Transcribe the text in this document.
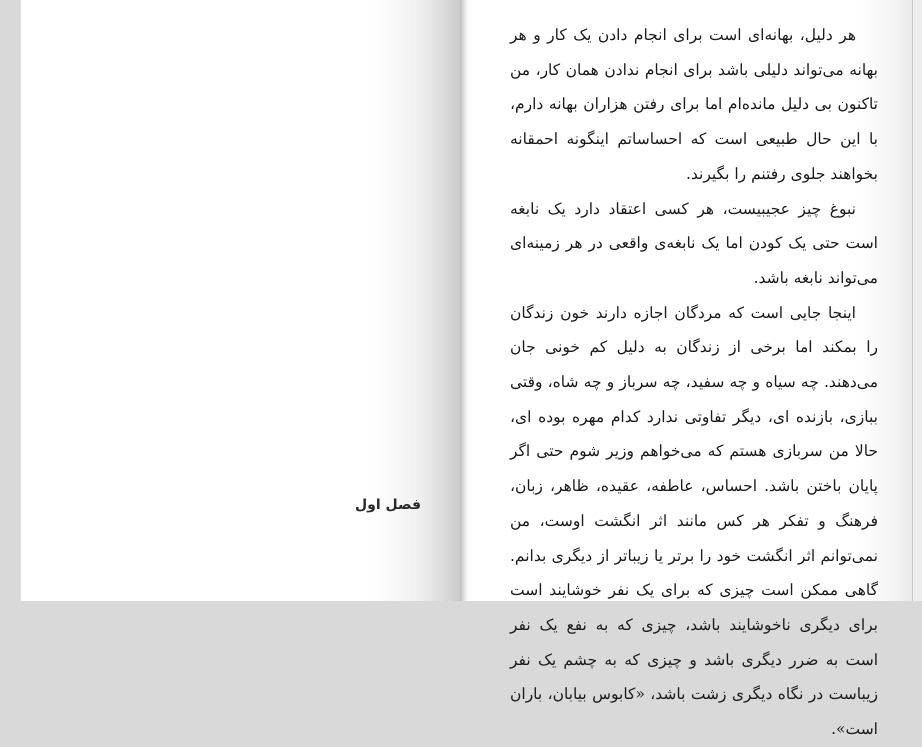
فصل اول

هر دلیل، بهانه‌ای است برای انجام دادن یک کار و هر بهانه می‌تواند دلیلی باشد برای انجام ندادن همان کار، من تاکنون بی دلیل مانده‌ام اما برای رفتن هزاران بهانه دارم، با این حال طبیعی است که احساساتم اینگونه احمقانه بخواهند جلوی رفتنم را بگیرند.

نبوغ چیز عجیبیست، هر کسی اعتقاد دارد یک نابغه است حتی یک کودن اما یک نابغه‌ی واقعی در هر زمینه‌ای می‌تواند نابغه باشد.

اینجا جایی است که مردگان اجازه دارند خون زندگان را بمکند اما برخی از زندگان به دلیل کم خونی جان می‌دهند. چه سیاه و چه سفید، چه سرباز و چه شاه، وقتی ببازی، بازنده ای، دیگر تفاوتی ندارد کدام مهره بوده ای، حالا من سربازی هستم که می‌خواهم وزیر شوم حتی اگر پایان باختن باشد. احساس، عاطفه، عقیده، ظاهر، زبان، فرهنگ و تفکر هر کس مانند اثر انگشت اوست، من نمی‌توانم اثر انگشت خود را برتر یا زیباتر از دیگری بدانم. گاهی ممکن است چیزی که برای یک نفر خوشایند است برای دیگری ناخوشایند باشد، چیزی که به نفع یک نفر است به ضرر دیگری باشد و چیزی که به چشم یک نفر زیباست در نگاه دیگری زشت باشد، «کابوس بیابان، باران است».
